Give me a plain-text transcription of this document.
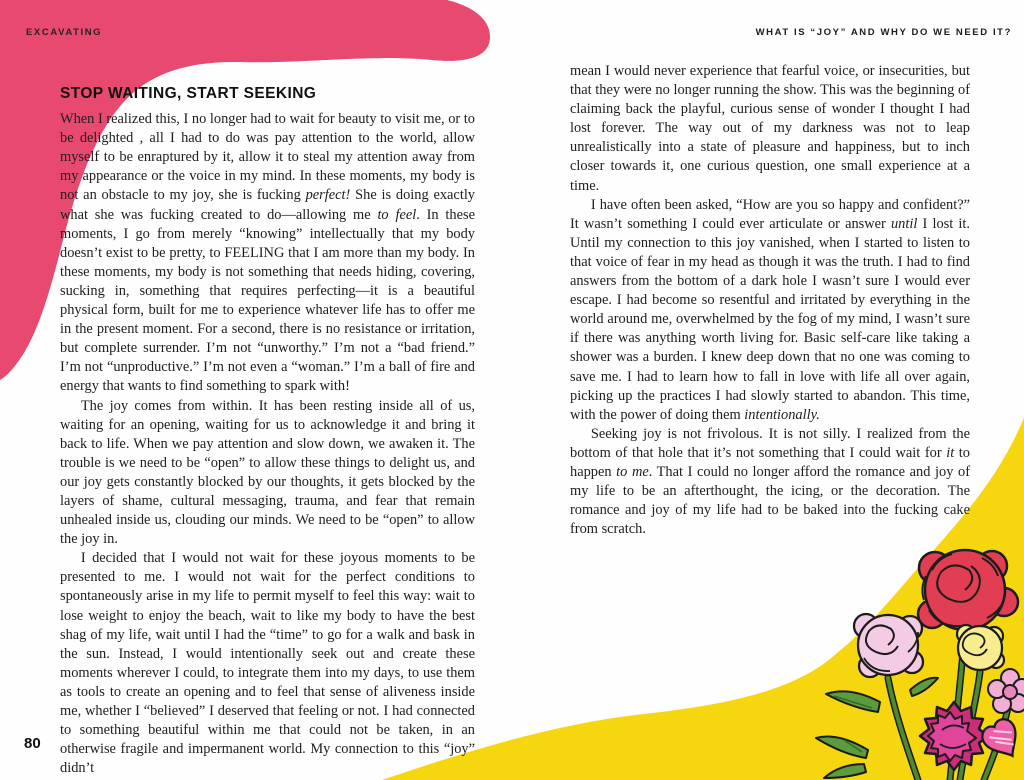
EXCAVATING	WHAT IS “JOY” AND WHY DO WE NEED IT?
STOP WAITING, START SEEKING

When I realized this, I no longer had to wait for beauty to visit me, or to be delighted , all I had to do was pay attention to the world, allow myself to be enraptured by it, allow it to steal my attention away from my appearance or the voice in my mind. In these moments, my body is not an obstacle to my joy, she is fucking perfect! She is doing exactly what she was fucking created to do—allowing me to feel. In these moments, I go from merely “knowing” intellectually that my body doesn’t exist to be pretty, to FEELING that I am more than my body. In these moments, my body is not something that needs hiding, covering, sucking in, something that requires perfecting—it is a beautiful physical form, built for me to experience whatever life has to offer me in the present moment. For a second, there is no resistance or irritation, but complete surrender. I’m not “unworthy.” I’m not a “bad friend.” I’m not “unproductive.” I’m not even a “woman.” I’m a ball of fire and energy that wants to find something to spark with!

The joy comes from within. It has been resting inside all of us, waiting for an opening, waiting for us to acknowledge it and bring it back to life. When we pay attention and slow down, we awaken it. The trouble is we need to be “open” to allow these things to delight us, and our joy gets constantly blocked by our thoughts, it gets blocked by the layers of shame, cultural messaging, trauma, and fear that remain unhealed inside us, clouding our minds. We need to be “open” to allow the joy in.

I decided that I would not wait for these joyous moments to be presented to me. I would not wait for the perfect conditions to spontaneously arise in my life to permit myself to feel this way: wait to lose weight to enjoy the beach, wait to like my body to have the best shag of my life, wait until I had the “time” to go for a walk and bask in the sun. Instead, I would intentionally seek out and create these moments wherever I could, to integrate them into my days, to use them as tools to create an opening and to feel that sense of aliveness inside me, whether I “believed” I deserved that feeling or not. I had connected to something beautiful within me that could not be taken, in an otherwise fragile and impermanent world. My connection to this “joy” didn’t

mean I would never experience that fearful voice, or insecurities, but that they were no longer running the show. This was the beginning of claiming back the playful, curious sense of wonder I thought I had lost forever. The way out of my darkness was not to leap unrealistically into a state of pleasure and happiness, but to inch closer towards it, one curious question, one small experience at a time.

I have often been asked, “How are you so happy and confident?” It wasn’t something I could ever articulate or answer until I lost it. Until my connection to this joy vanished, when I started to listen to that voice of fear in my head as though it was the truth. I had to find answers from the bottom of a dark hole I wasn’t sure I would ever escape. I had become so resentful and irritated by everything in the world around me, overwhelmed by the fog of my mind, I wasn’t sure if there was anything worth living for. Basic self-care like taking a shower was a burden. I knew deep down that no one was coming to save me. I had to learn how to fall in love with life all over again, picking up the practices I had slowly started to abandon. This time, with the power of doing them intentionally.

Seeking joy is not frivolous. It is not silly. I realized from the bottom of that hole that it’s not something that I could wait for it to happen to me. That I could no longer afford the romance and joy of my life to be an afterthought, the icing, or the decoration. The romance and joy of my life had to be baked into the fucking cake from scratch.

80
